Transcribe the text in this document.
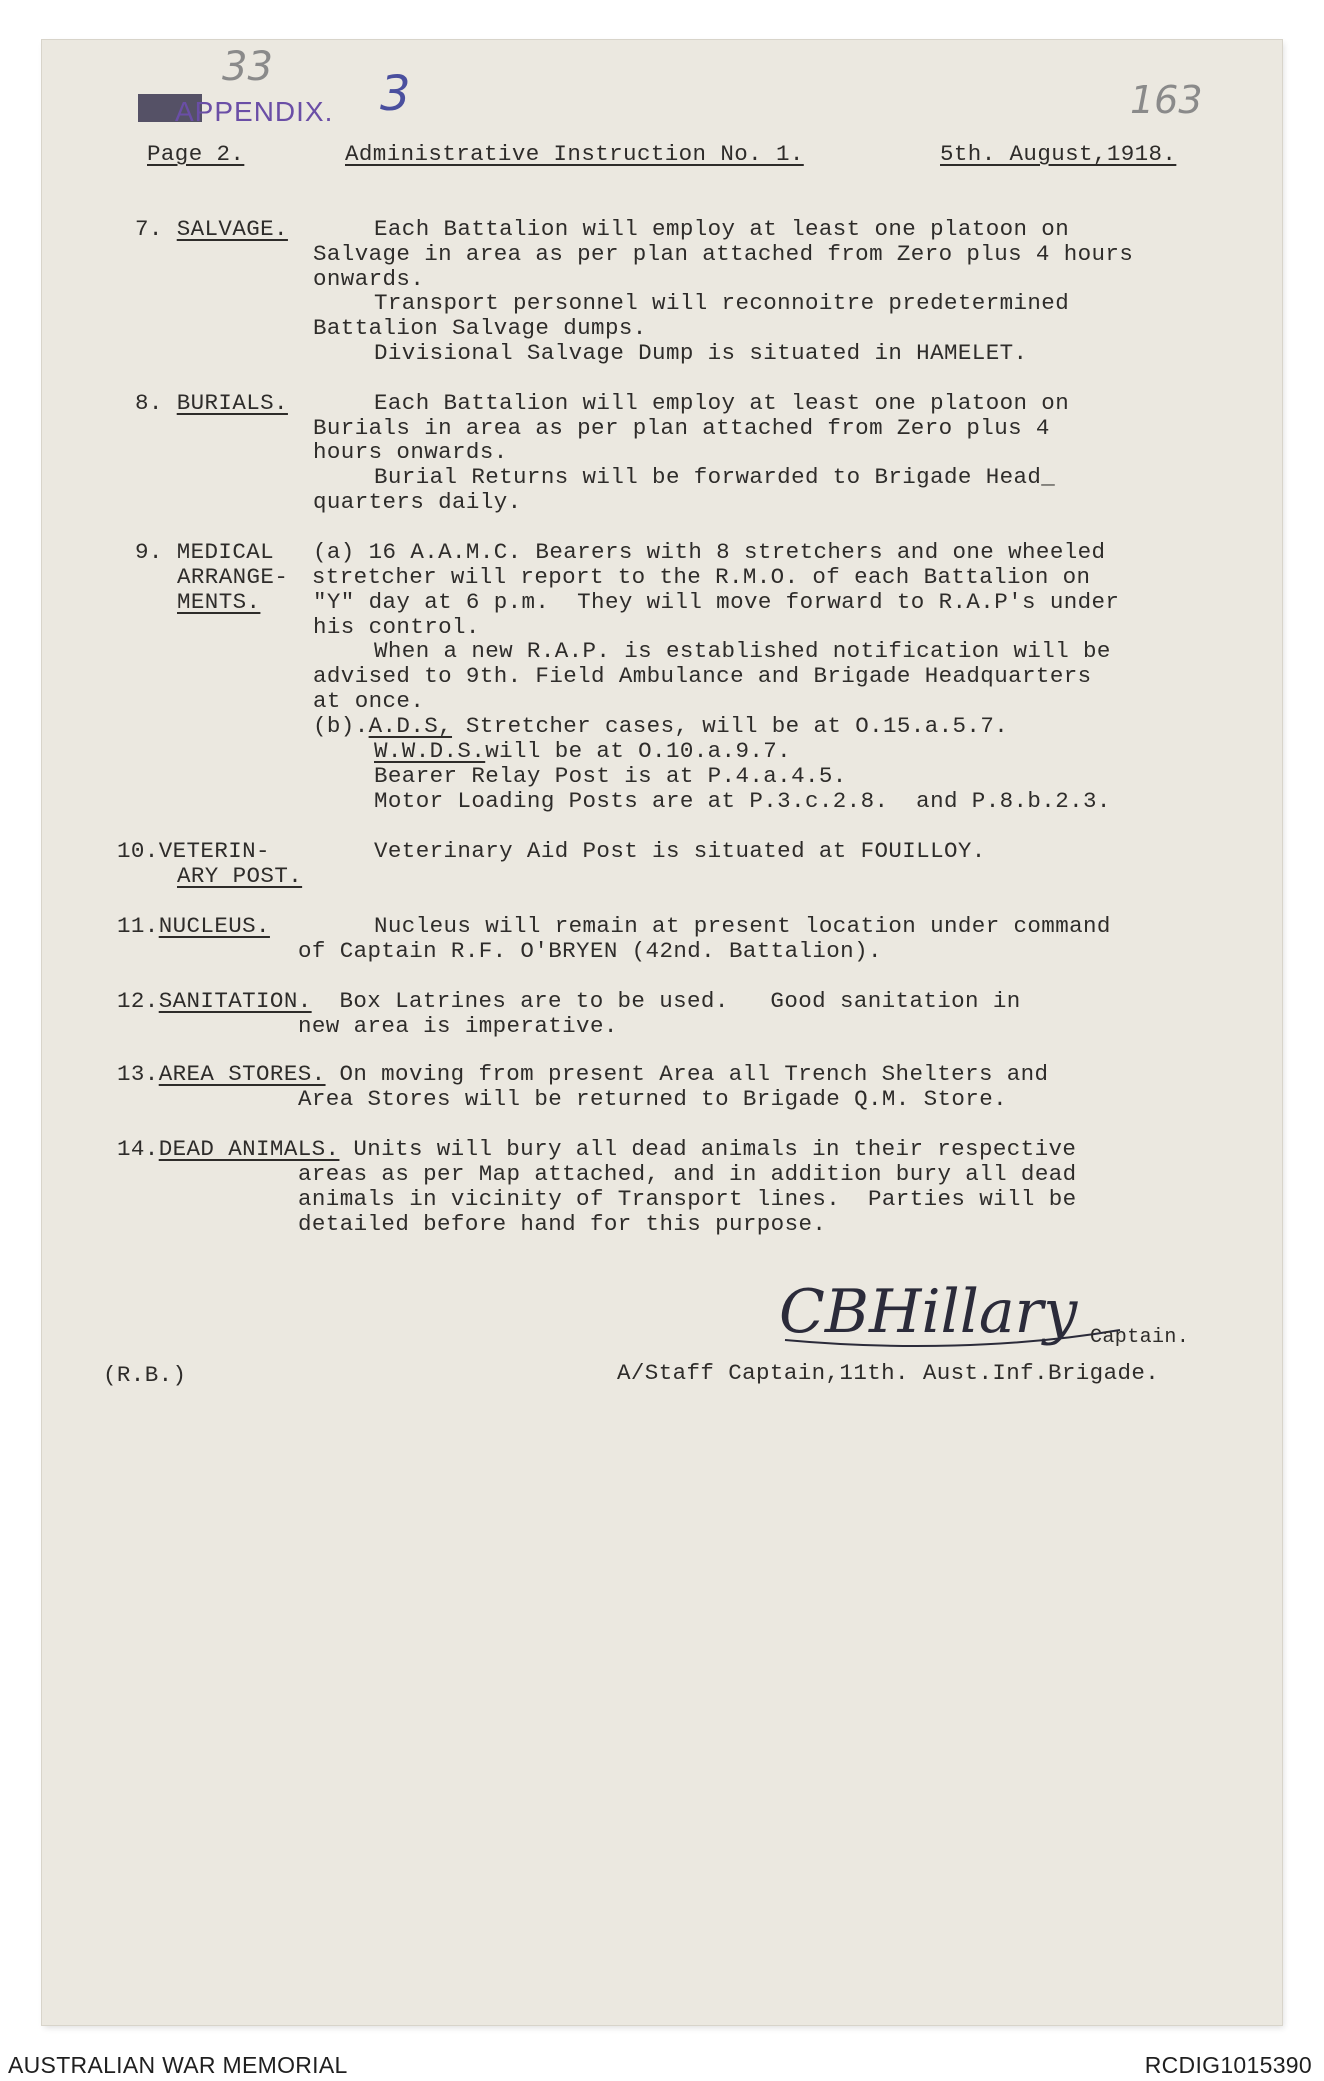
33
APPENDIX. 3	163
Page 2.	Administrative Instruction No. 1.	5th. August,1918.
7. SALVAGE.	Each Battalion will employ at least one platoon on
Salvage in area as per plan attached from Zero plus 4 hours
onwards.
Transport personnel will reconnoitre predetermined
Battalion Salvage dumps.
Divisional Salvage Dump is situated in HAMELET.
8. BURIALS.	Each Battalion will employ at least one platoon on
Burials in area as per plan attached from Zero plus 4
hours onwards.
Burial Returns will be forwarded to Brigade Head_
quarters daily.
9. MEDICAL (a) 16 A.A.M.C. Bearers with 8 stretchers and one wheeled
ARRANGE- stretcher will report to the R.M.O. of each Battalion on
MENTS. "Y" day at 6 p.m.  They will move forward to R.A.P's under
his control.
When a new R.A.P. is established notification will be
advised to 9th. Field Ambulance and Brigade Headquarters
at once.
(b).A.D.S, Stretcher cases, will be at O.15.a.5.7.
W.W.D.S.will be at O.10.a.9.7.
Bearer Relay Post is at P.4.a.4.5.
Motor Loading Posts are at P.3.c.2.8.  and P.8.b.2.3.
10.VETERIN-
ARY POST.
Veterinary Aid Post is situated at FOUILLOY.
11.NUCLEUS.	Nucleus will remain at present location under command
of Captain R.F. O'BRYEN (42nd. Battalion).
12.SANITATION.  Box Latrines are to be used.   Good sanitation in
new area is imperative.
13.AREA STORES. On moving from present Area all Trench Shelters and
Area Stores will be returned to Brigade Q.M. Store.
14.DEAD ANIMALS. Units will bury all dead animals in their respective
areas as per Map attached, and in addition bury all dead
animals in vicinity of Transport lines.  Parties will be
detailed before hand for this purpose.
CBHillary Captain.
A/Staff Captain,11th. Aust.Inf.Brigade.
(R.B.)
AUSTRALIAN WAR MEMORIAL	RCDIG1015390
